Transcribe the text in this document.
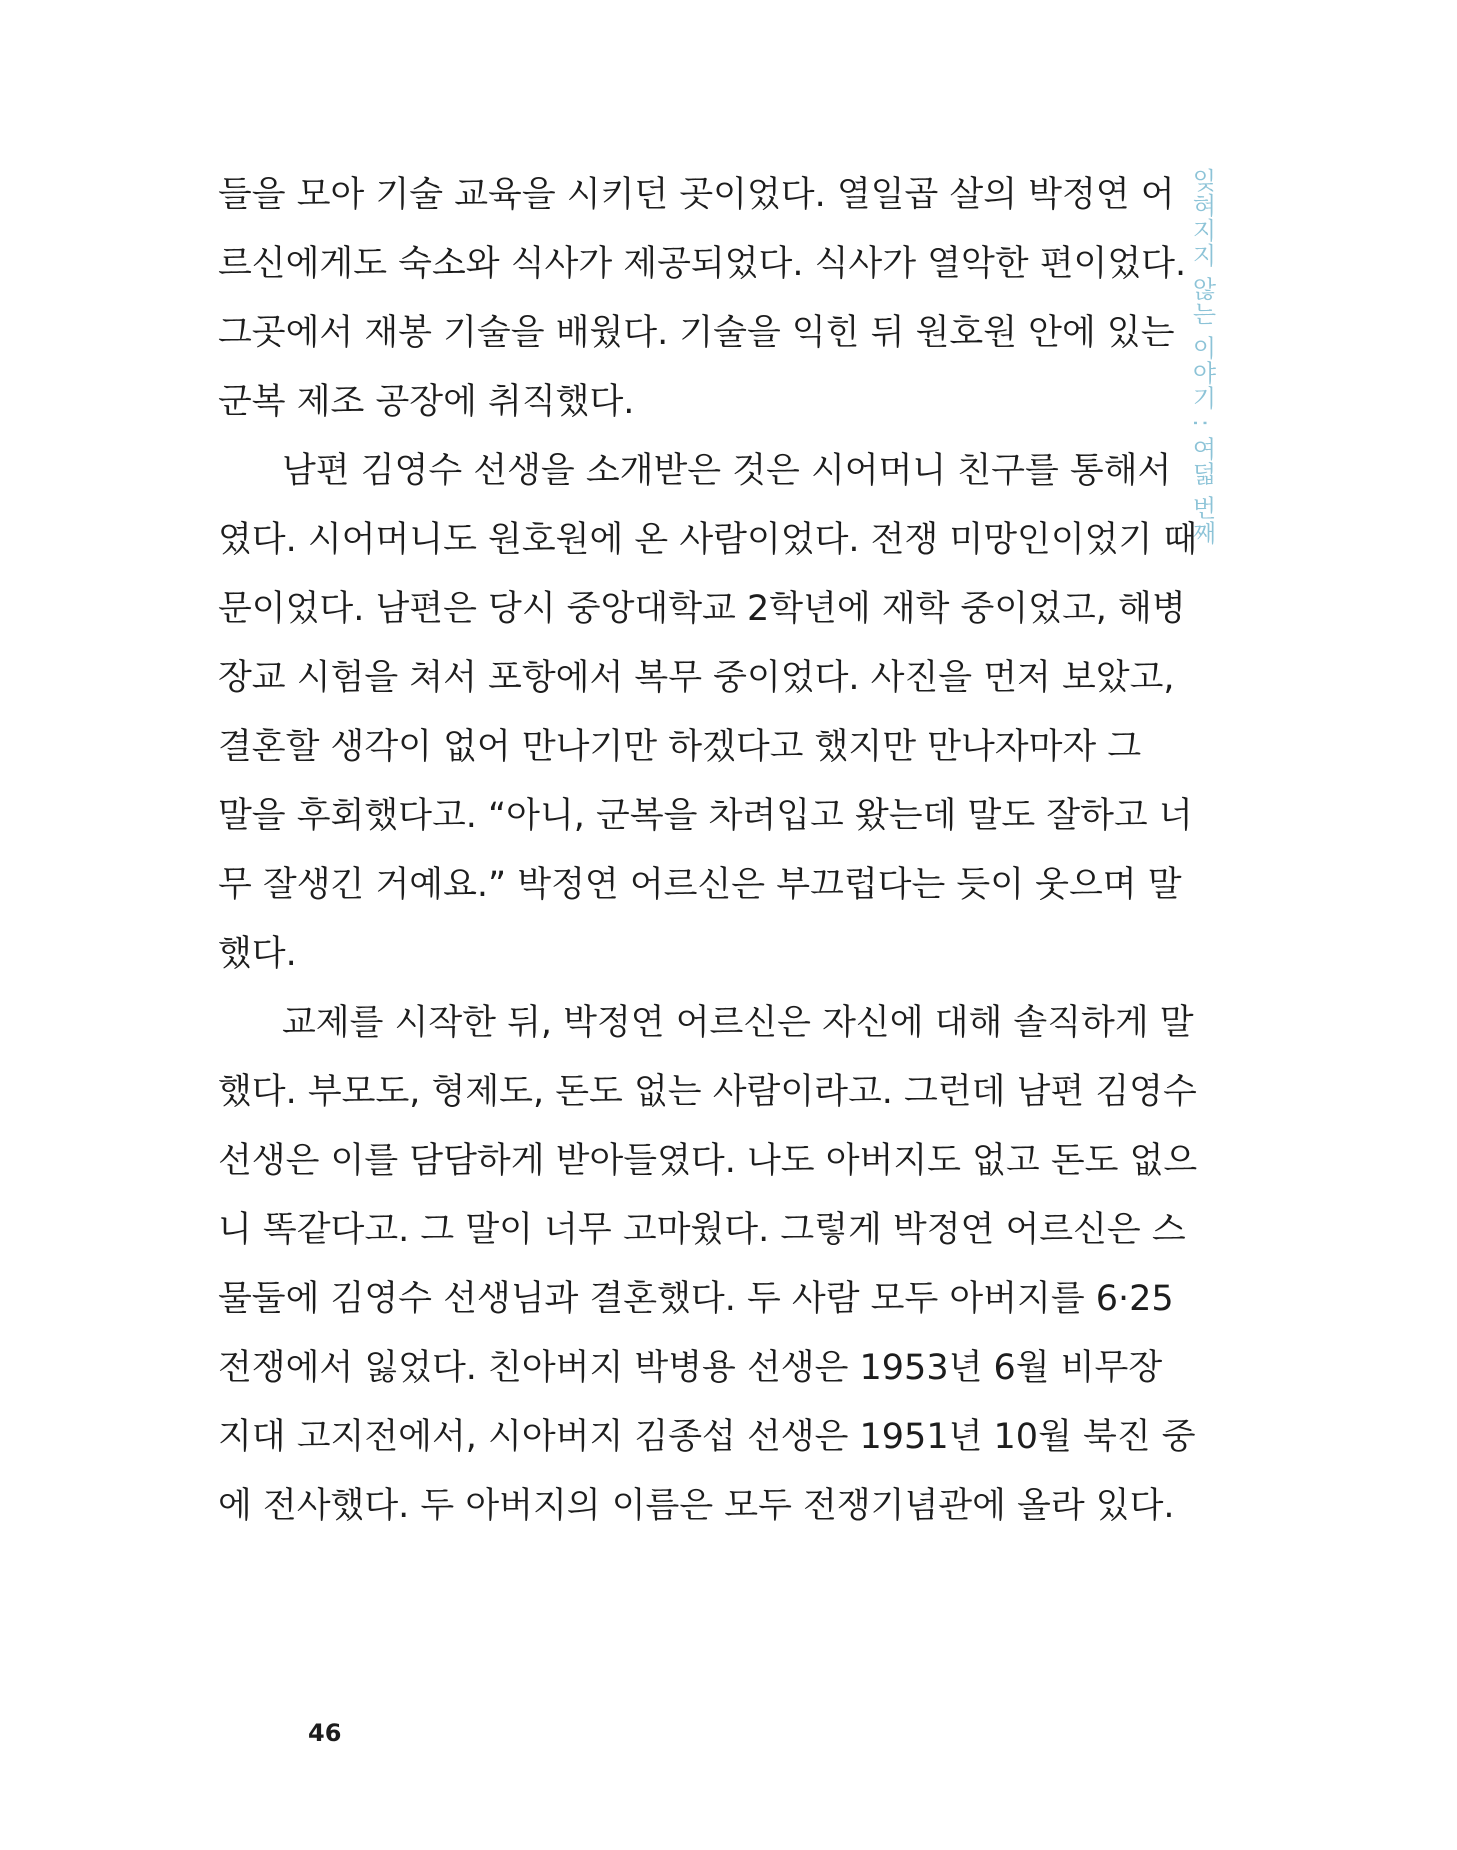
잊혀지지 않는 이야기 : 여덟 번째
들을 모아 기술 교육을 시키던 곳이었다. 열일곱 살의 박정연 어
르신에게도 숙소와 식사가 제공되었다. 식사가 열악한 편이었다.
그곳에서 재봉 기술을 배웠다. 기술을 익힌 뒤 원호원 안에 있는
군복 제조 공장에 취직했다.
남편 김영수 선생을 소개받은 것은 시어머니 친구를 통해서
였다. 시어머니도 원호원에 온 사람이었다. 전쟁 미망인이었기 때
문이었다. 남편은 당시 중앙대학교 2학년에 재학 중이었고, 해병
장교 시험을 쳐서 포항에서 복무 중이었다. 사진을 먼저 보았고,
결혼할 생각이 없어 만나기만 하겠다고 했지만 만나자마자 그
말을 후회했다고. “아니, 군복을 차려입고 왔는데 말도 잘하고 너
무 잘생긴 거예요.” 박정연 어르신은 부끄럽다는 듯이 웃으며 말
했다.
교제를 시작한 뒤, 박정연 어르신은 자신에 대해 솔직하게 말
했다. 부모도, 형제도, 돈도 없는 사람이라고. 그런데 남편 김영수
선생은 이를 담담하게 받아들였다. 나도 아버지도 없고 돈도 없으
니 똑같다고. 그 말이 너무 고마웠다. 그렇게 박정연 어르신은 스
물둘에 김영수 선생님과 결혼했다. 두 사람 모두 아버지를 6·25
전쟁에서 잃었다. 친아버지 박병용 선생은 1953년 6월 비무장
지대 고지전에서, 시아버지 김종섭 선생은 1951년 10월 북진 중
에 전사했다. 두 아버지의 이름은 모두 전쟁기념관에 올라 있다.
46
